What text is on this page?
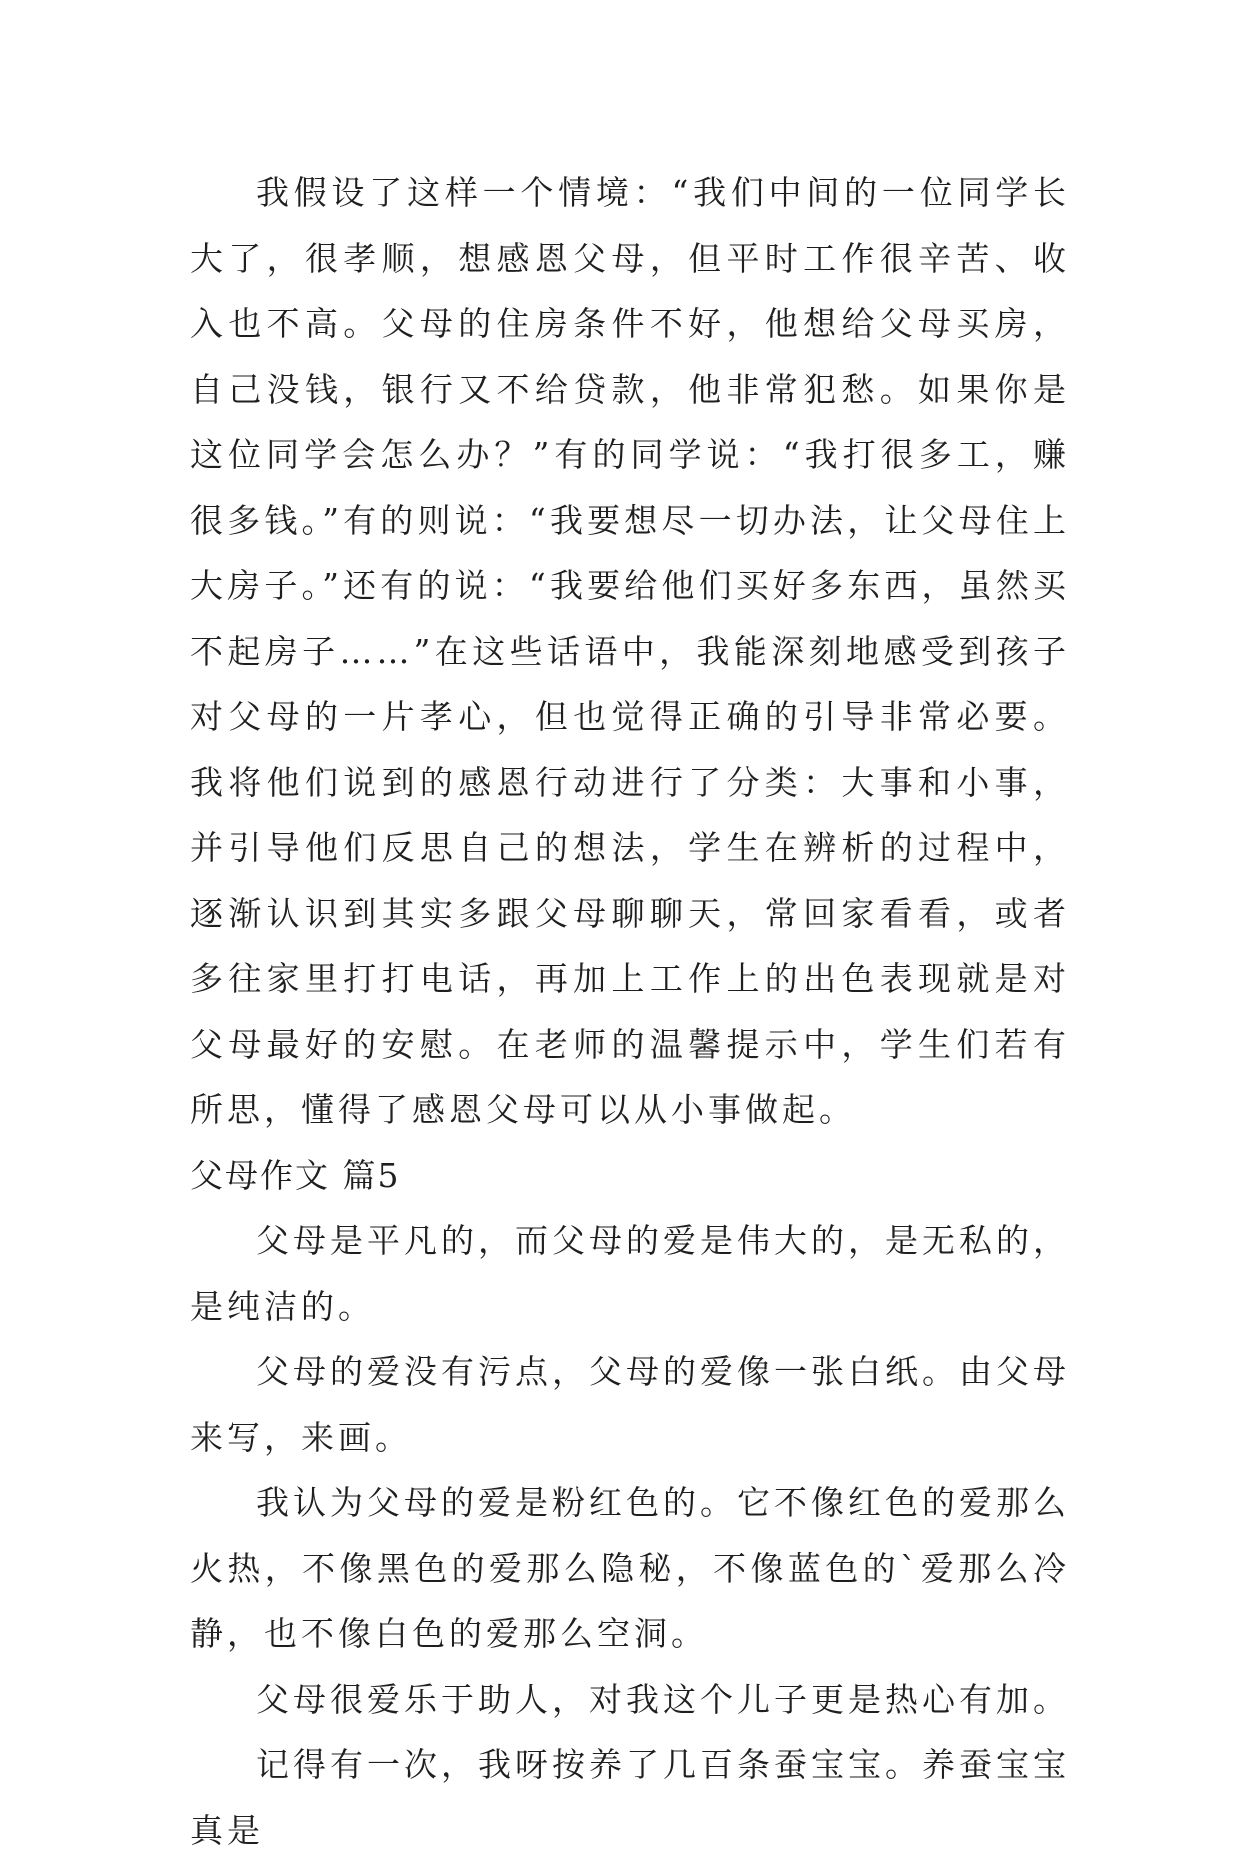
我假设了这样一个情境：“我们中间的一位同学长大了，很孝顺，想感恩父母，但平时工作很辛苦、收入也不高。父母的住房条件不好，他想给父母买房，自己没钱，银行又不给贷款，他非常犯愁。如果你是这位同学会怎么办？”有的同学说：“我打很多工，赚很多钱。”有的则说：“我要想尽一切办法，让父母住上大房子。”还有的说：“我要给他们买好多东西，虽然买不起房子……”在这些话语中，我能深刻地感受到孩子对父母的一片孝心，但也觉得正确的引导非常必要。我将他们说到的感恩行动进行了分类：大事和小事，并引导他们反思自己的想法，学生在辨析的过程中，逐渐认识到其实多跟父母聊聊天，常回家看看，或者多往家里打打电话，再加上工作上的出色表现就是对父母最好的安慰。在老师的温馨提示中，学生们若有所思，懂得了感恩父母可以从小事做起。

父母作文 篇5

父母是平凡的，而父母的爱是伟大的，是无私的，是纯洁的。

父母的爱没有污点，父母的爱像一张白纸。由父母来写，来画。

我认为父母的爱是粉红色的。它不像红色的爱那么火热，不像黑色的爱那么隐秘，不像蓝色的`爱那么冷静，也不像白色的爱那么空洞。

父母很爱乐于助人，对我这个儿子更是热心有加。

记得有一次，我呀按养了几百条蚕宝宝。养蚕宝宝真是
